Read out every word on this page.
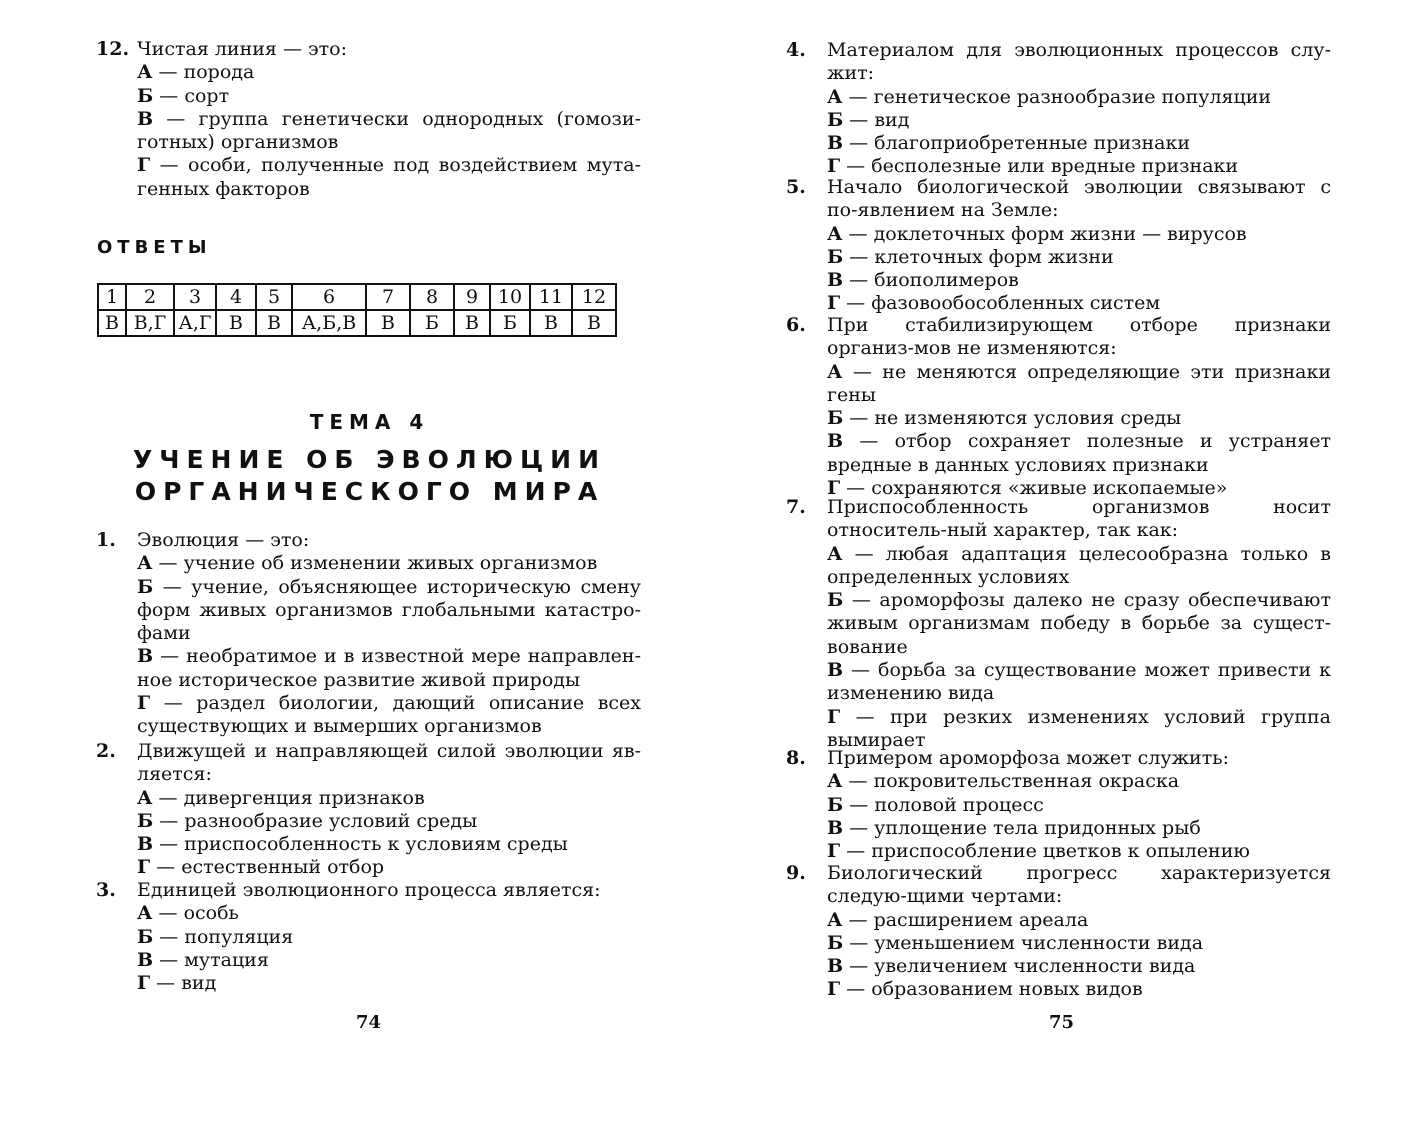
12. Чистая линия — это:
А — порода
Б — сорт
В — группа генетически однородных (гомози-готных) организмов
Г — особи, полученные под воздействием мута-генных факторов
ОТВЕТЫ
1	2	3	4	5	6	7	8	9	10	11	12
В	В,Г	А,Г	В	В	А,Б,В	В	Б	В	Б	В	В
ТЕМА 4
УЧЕНИЕ ОБ ЭВОЛЮЦИИ
ОРГАНИЧЕСКОГО МИРА
1. Эволюция — это:
А — учение об изменении живых организмов
Б — учение, объясняющее историческую смену форм живых организмов глобальными катастро-фами
В — необратимое и в известной мере направлен-ное историческое развитие живой природы
Г — раздел биологии, дающий описание всех существующих и вымерших организмов
2. Движущей и направляющей силой эволюции яв-ляется:
А — дивергенция признаков
Б — разнообразие условий среды
В — приспособленность к условиям среды
Г — естественный отбор
3. Единицей эволюционного процесса является:
А — особь
Б — популяция
В — мутация
Г — вид
74
4. Материалом для эволюционных процессов слу-жит:
А — генетическое разнообразие популяции
Б — вид
В — благоприобретенные признаки
Г — бесполезные или вредные признаки
5. Начало биологической эволюции связывают с по-явлением на Земле:
А — доклеточных форм жизни — вирусов
Б — клеточных форм жизни
В — биополимеров
Г — фазовообособленных систем
6. При стабилизирующем отборе признаки организ-мов не изменяются:
А — не меняются определяющие эти признаки гены
Б — не изменяются условия среды
В — отбор сохраняет полезные и устраняет вредные в данных условиях признаки
Г — сохраняются «живые ископаемые»
7. Приспособленность организмов носит относитель-ный характер, так как:
А — любая адаптация целесообразна только в определенных условиях
Б — ароморфозы далеко не сразу обеспечивают живым организмам победу в борьбе за сущест-вование
В — борьба за существование может привести к изменению вида
Г — при резких изменениях условий группа вымирает
8. Примером ароморфоза может служить:
А — покровительственная окраска
Б — половой процесс
В — уплощение тела придонных рыб
Г — приспособление цветков к опылению
9. Биологический прогресс характеризуется следую-щими чертами:
А — расширением ареала
Б — уменьшением численности вида
В — увеличением численности вида
Г — образованием новых видов
75
